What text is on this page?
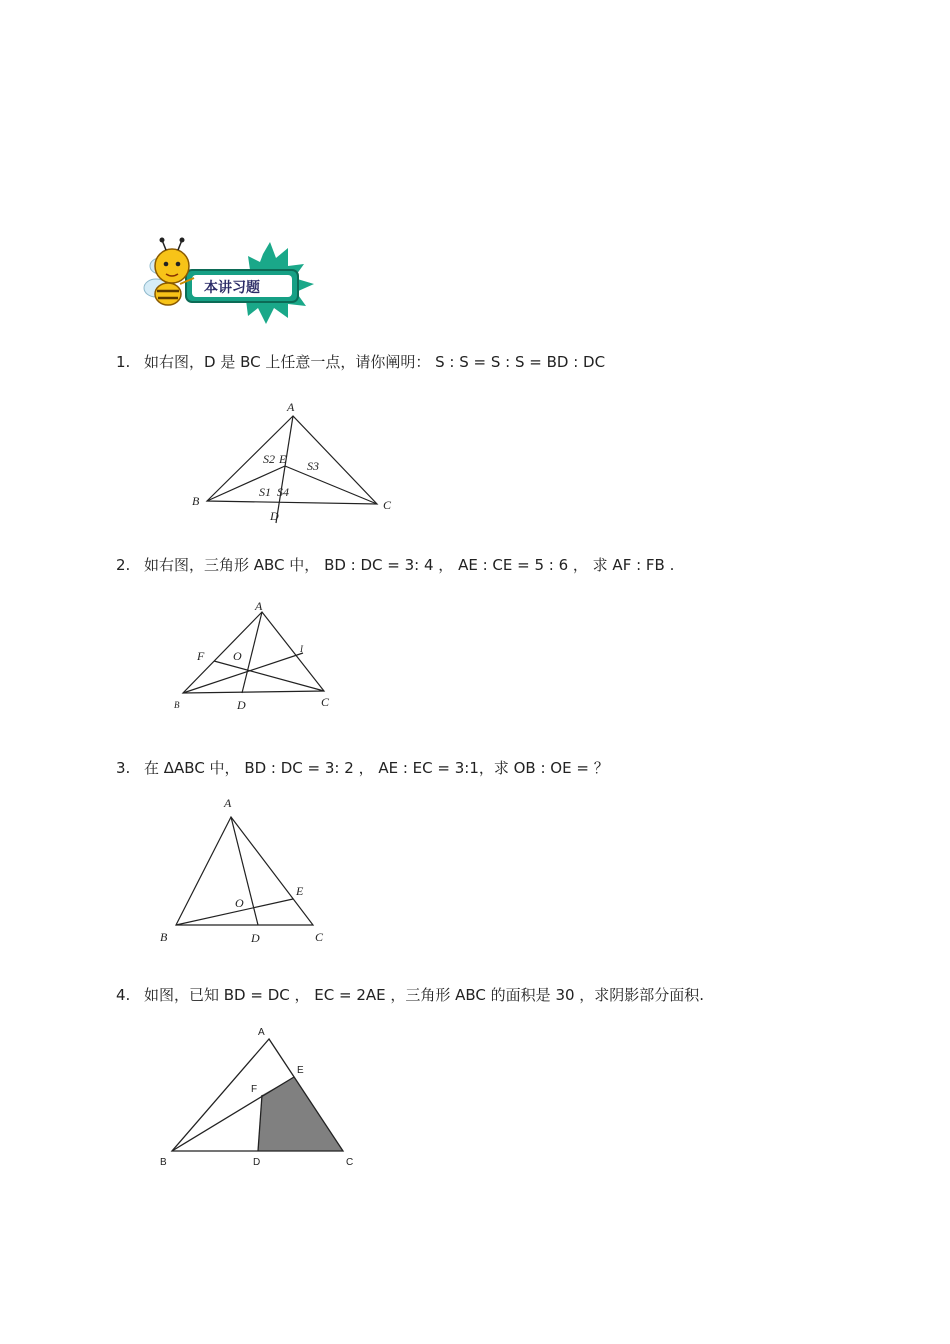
本讲习题
1. 如右图，D 是 BC 上任意一点，请你阐明： S : S = S : S = BD : DC
A
B	C
D
E
S2	S3
S1 S4
2. 如右图，三角形 ABC 中， BD : DC = 3: 4 ， AE : CE = 5 : 6 ， 求 AF : FB .
A
B	C
D
F O	I
3. 在 ΔABC 中， BD : DC = 3: 2 ， AE : EC = 3:1，求 OB : OE = ？
A
B	C
D
E
O
4. 如图，已知 BD = DC ， EC = 2AE ，三角形 ABC 的面积是 30 ，求阴影部分面积.
A
B	C
D
E
F
